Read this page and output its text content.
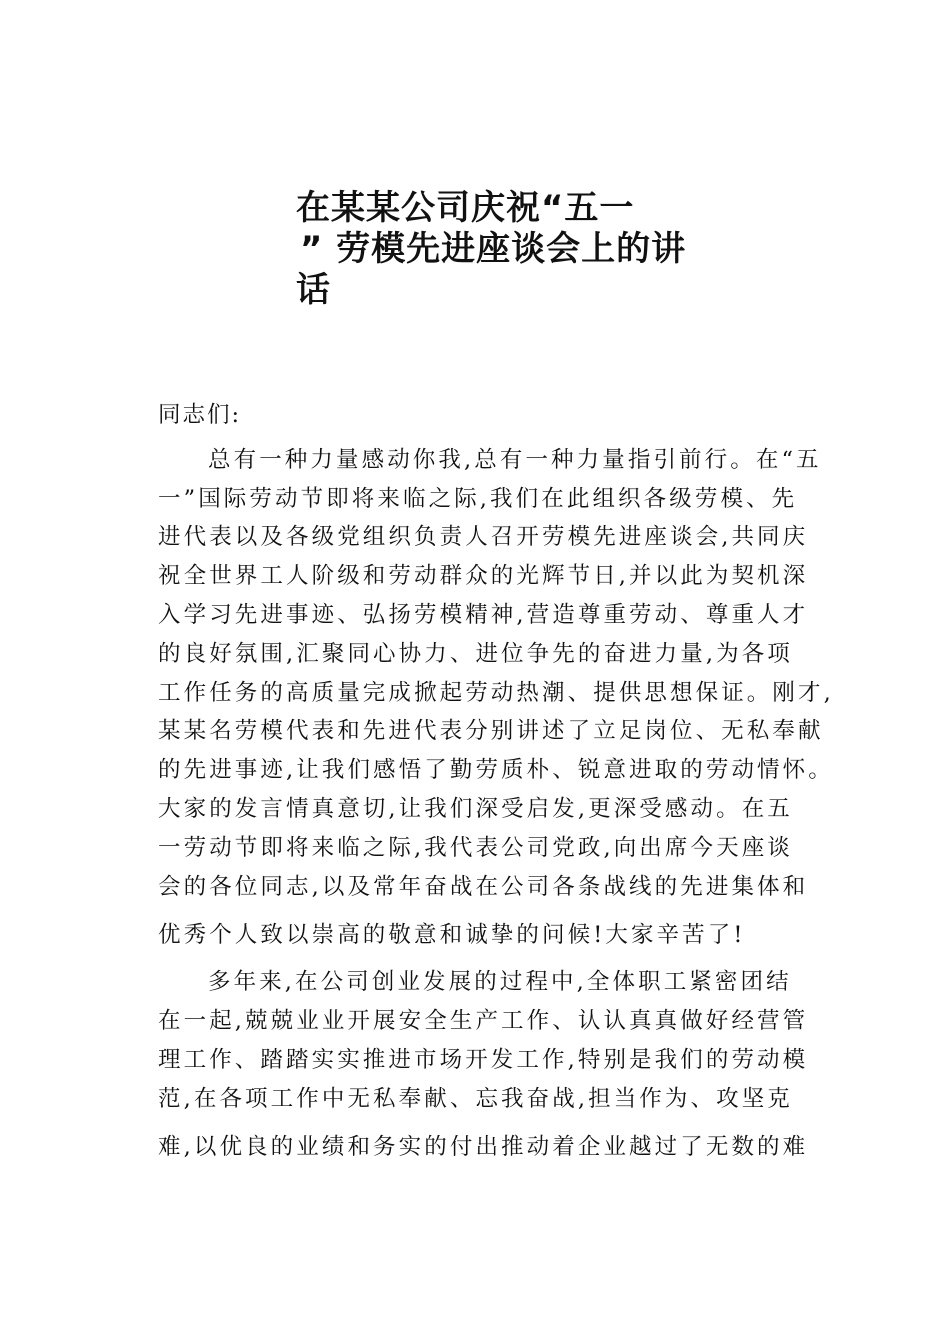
在某某公司庆祝“五一
” 劳模先进座谈会上的讲
话
同志们:
总有一种力量感动你我,总有一种力量指引前行。在“五
一”国际劳动节即将来临之际,我们在此组织各级劳模、先
进代表以及各级党组织负责人召开劳模先进座谈会,共同庆
祝全世界工人阶级和劳动群众的光辉节日,并以此为契机深
入学习先进事迹、弘扬劳模精神,营造尊重劳动、尊重人才
的良好氛围,汇聚同心协力、进位争先的奋进力量,为各项
工作任务的高质量完成掀起劳动热潮、提供思想保证。刚才,
某某名劳模代表和先进代表分别讲述了立足岗位、无私奉献
的先进事迹,让我们感悟了勤劳质朴、锐意进取的劳动情怀。
大家的发言情真意切,让我们深受启发,更深受感动。在五
一劳动节即将来临之际,我代表公司党政,向出席今天座谈
会的各位同志,以及常年奋战在公司各条战线的先进集体和
优秀个人致以崇高的敬意和诚挚的问候!大家辛苦了!
多年来,在公司创业发展的过程中,全体职工紧密团结
在一起,兢兢业业开展安全生产工作、认认真真做好经营管
理工作、踏踏实实推进市场开发工作,特别是我们的劳动模
范,在各项工作中无私奉献、忘我奋战,担当作为、攻坚克
难,以优良的业绩和务实的付出推动着企业越过了无数的难
